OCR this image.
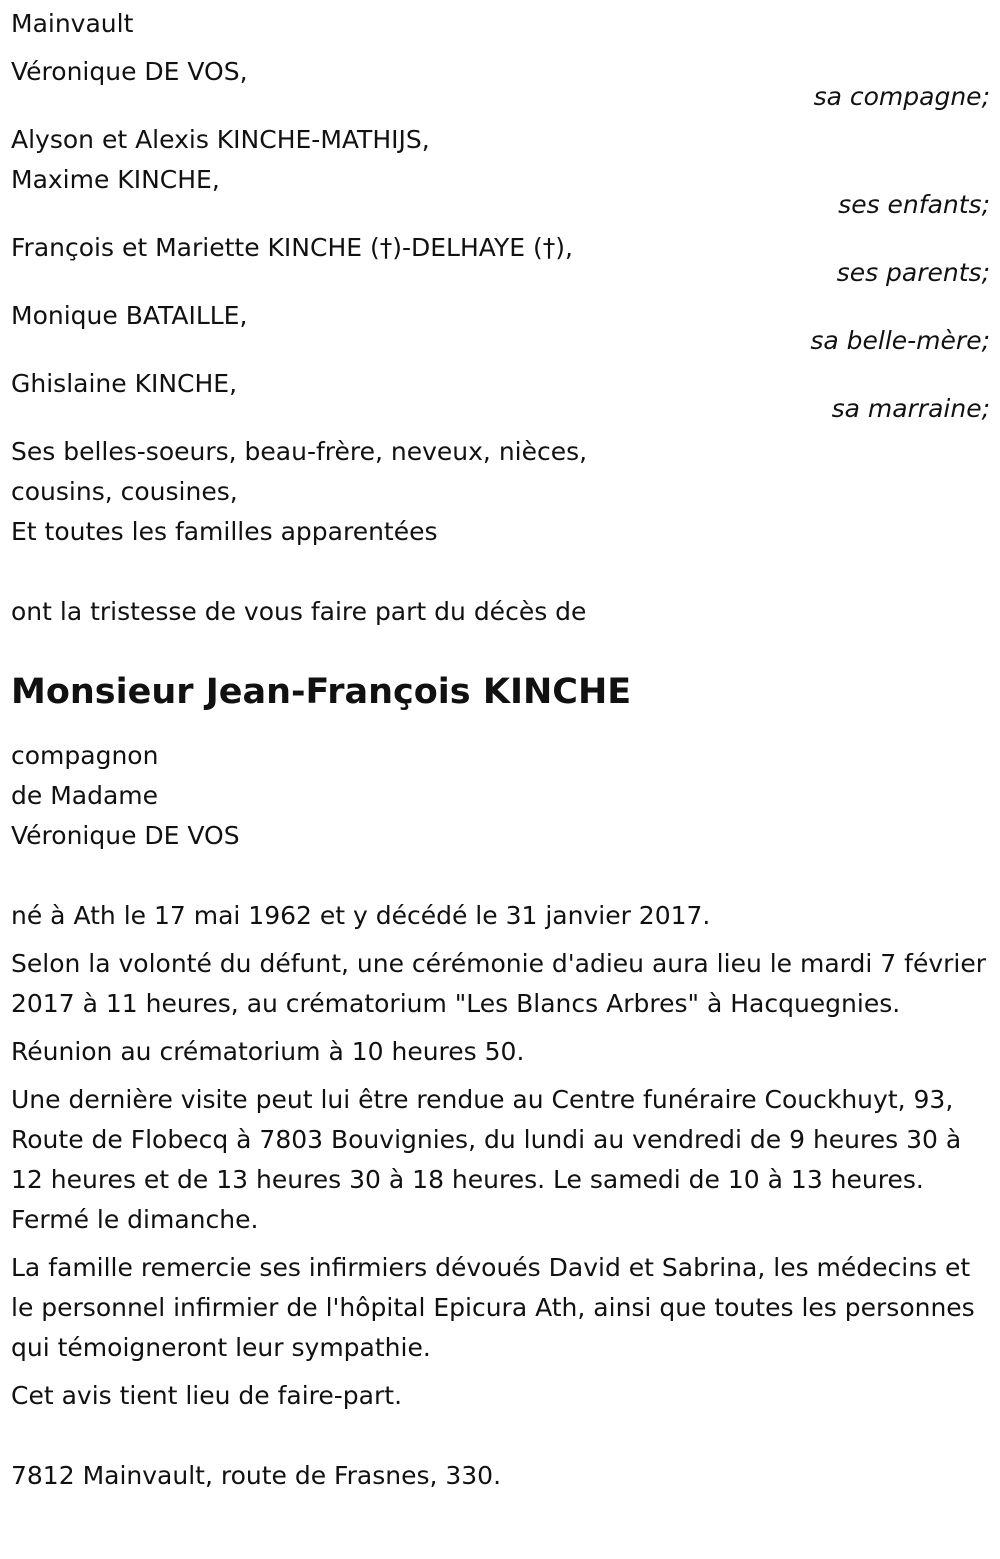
Mainvault

Véronique DE VOS,
sa compagne;
Alyson et Alexis KINCHE-MATHIJS,
Maxime KINCHE,
ses enfants;
François et Mariette KINCHE (†)-DELHAYE (†),
ses parents;
Monique BATAILLE,
sa belle-mère;
Ghislaine KINCHE,
sa marraine;
Ses belles-soeurs, beau-frère, neveux, nièces,
cousins, cousines,
Et toutes les familles apparentées

ont la tristesse de vous faire part du décès de

Monsieur Jean-François KINCHE
compagnon
de Madame
Véronique DE VOS

né à Ath le 17 mai 1962 et y décédé le 31 janvier 2017.

Selon la volonté du défunt, une cérémonie d'adieu aura lieu le mardi 7 février 2017 à 11 heures, au crématorium "Les Blancs Arbres" à Hacquegnies.

Réunion au crématorium à 10 heures 50.

Une dernière visite peut lui être rendue au Centre funéraire Couckhuyt, 93, Route de Flobecq à 7803 Bouvignies, du lundi au vendredi de 9 heures 30 à 12 heures et de 13 heures 30 à 18 heures. Le samedi de 10 à 13 heures. Fermé le dimanche.

La famille remercie ses infirmiers dévoués David et Sabrina, les médecins et le personnel infirmier de l'hôpital Epicura Ath, ainsi que toutes les personnes qui témoigneront leur sympathie.

Cet avis tient lieu de faire-part.

7812 Mainvault, route de Frasnes, 330.
